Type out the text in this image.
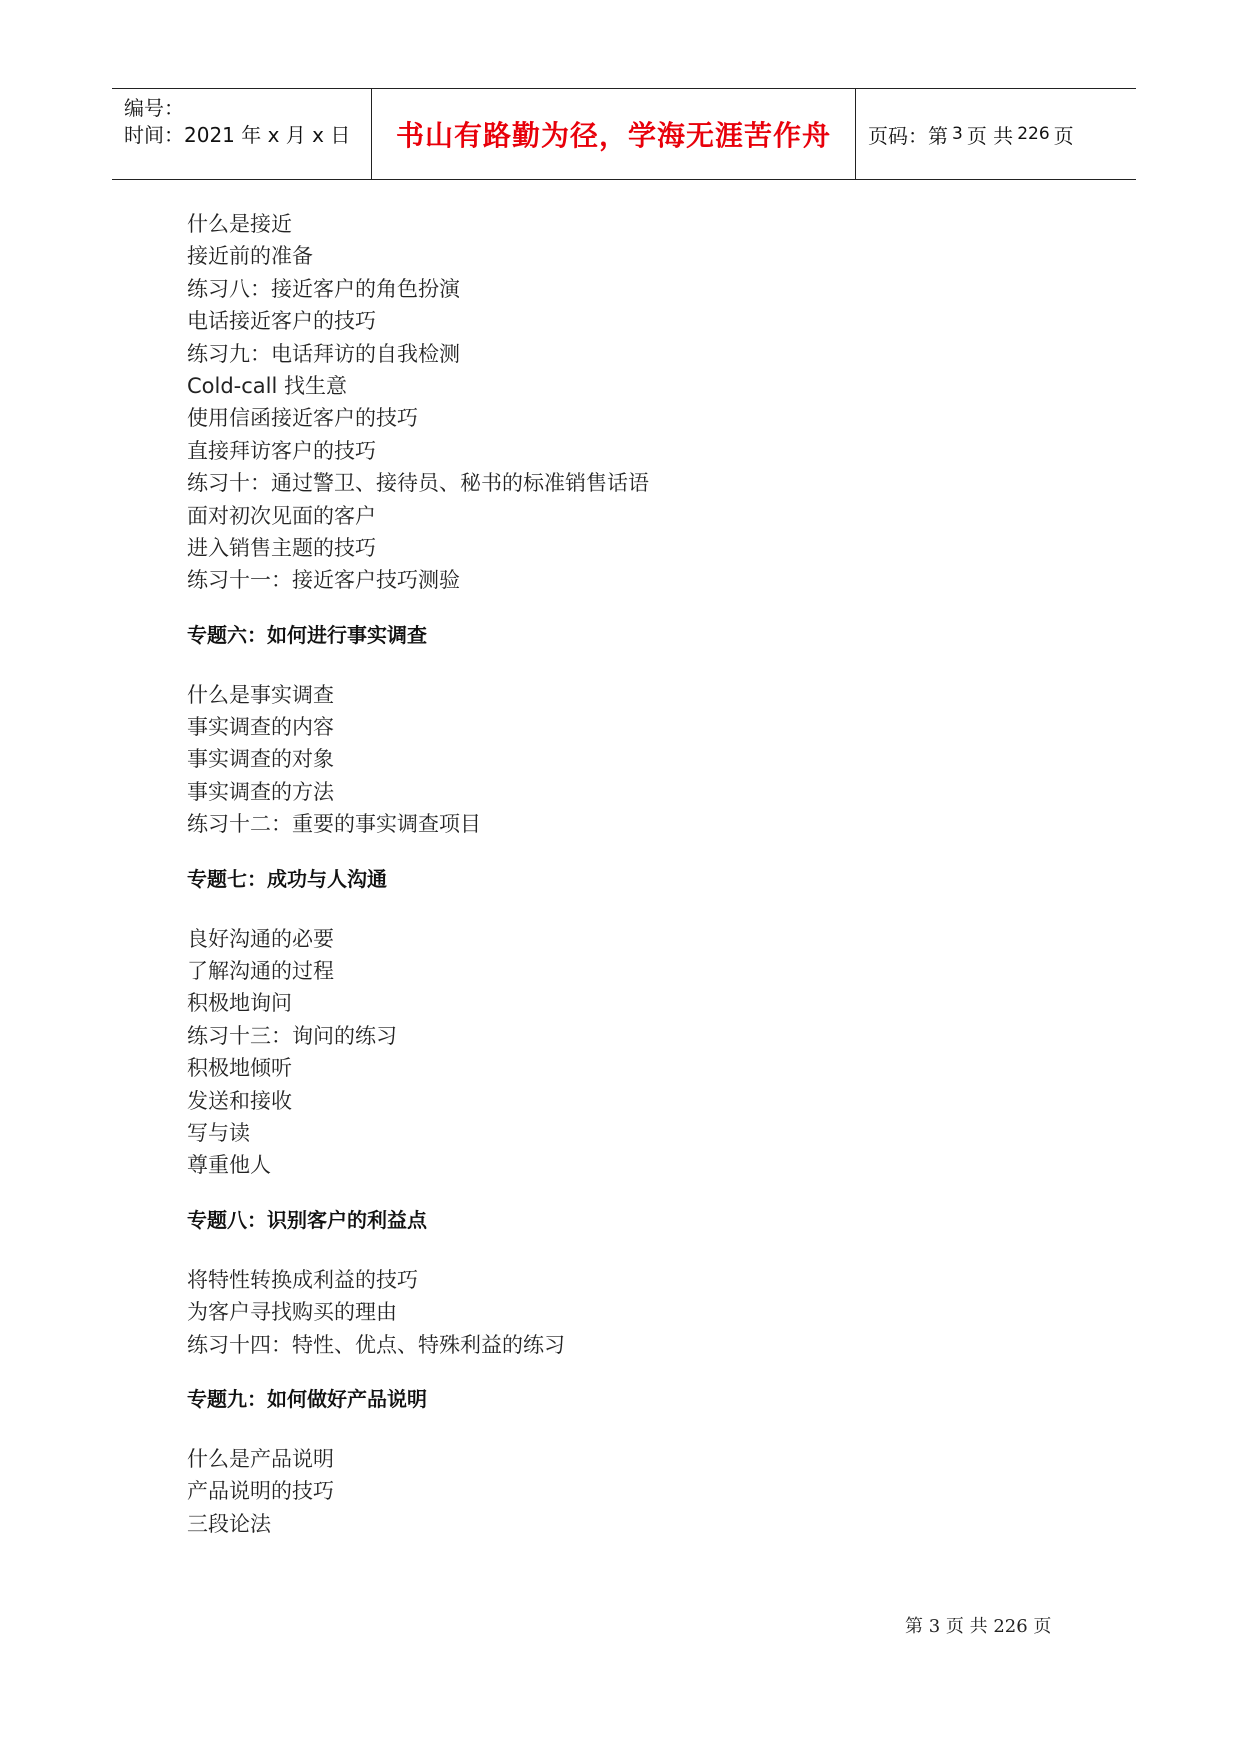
编号：
时间：2021 年 x 月 x 日 书山有路勤为径，学海无涯苦作舟 页码：第 3 页 共 226 页
什么是接近
接近前的准备
练习八：接近客户的角色扮演
电话接近客户的技巧
练习九：电话拜访的自我检测
Cold-call 找生意
使用信函接近客户的技巧
直接拜访客户的技巧
练习十：通过警卫、接待员、秘书的标准销售话语
面对初次见面的客户
进入销售主题的技巧
练习十一：接近客户技巧测验
专题六：如何进行事实调查
什么是事实调查
事实调查的内容
事实调查的对象
事实调查的方法
练习十二：重要的事实调查项目
专题七：成功与人沟通
良好沟通的必要
了解沟通的过程
积极地询问
练习十三：询问的练习
积极地倾听
发送和接收
写与读
尊重他人
专题八：识别客户的利益点
将特性转换成利益的技巧
为客户寻找购买的理由
练习十四：特性、优点、特殊利益的练习
专题九：如何做好产品说明
什么是产品说明
产品说明的技巧
三段论法
第 3 页 共 226 页
